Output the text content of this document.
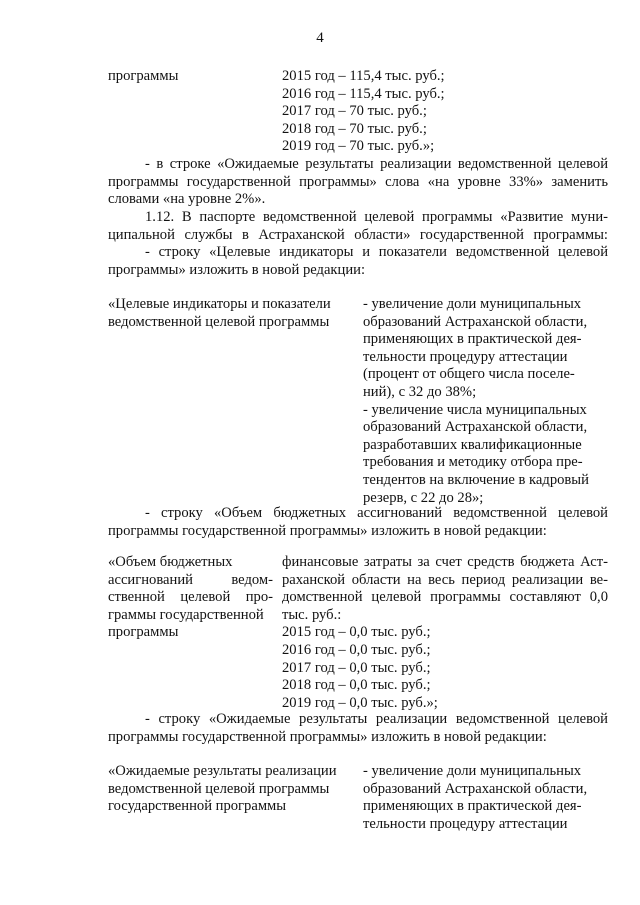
4
программы	2015 год – 115,4 тыс. руб.;
2016 год – 115,4 тыс. руб.;
2017 год – 70 тыс. руб.;
2018 год – 70 тыс. руб.;
2019 год – 70 тыс. руб.»;
- в строке «Ожидаемые результаты реализации ведомственной целевой
программы государственной программы» слова «на уровне 33%» заменить
словами «на уровне 2%».
1.12. В паспорте ведомственной целевой программы «Развитие муни-
ципальной службы в Астраханской области» государственной программы:
- строку «Целевые индикаторы и показатели ведомственной целевой
программы» изложить в новой редакции:
«Целевые индикаторы и показатели
ведомственной целевой программы
- увеличение доли муниципальных
образований Астраханской области,
применяющих в практической дея-
тельности процедуру аттестации
(процент от общего числа поселе-
ний), с 32 до 38%;
- увеличение числа муниципальных
образований Астраханской области,
разработавших квалификационные
требования и методику отбора пре-
тендентов на включение в кадровый
резерв, с 22 до 28»;
- строку «Объем бюджетных ассигнований ведомственной целевой
программы государственной программы» изложить в новой редакции:
«Объем бюджетных
ассигнований ведом-
ственной целевой про-
граммы государственной
программы
финансовые затраты за счет средств бюджета Аст-
раханской области на весь период реализации ве-
домственной целевой программы составляют 0,0
тыс. руб.:
2015 год – 0,0 тыс. руб.;
2016 год – 0,0 тыс. руб.;
2017 год – 0,0 тыс. руб.;
2018 год – 0,0 тыс. руб.;
2019 год – 0,0 тыс. руб.»;
- строку «Ожидаемые результаты реализации ведомственной целевой
программы государственной программы» изложить в новой редакции:
«Ожидаемые результаты реализации
ведомственной целевой программы
государственной программы
- увеличение доли муниципальных
образований Астраханской области,
применяющих в практической дея-
тельности процедуру аттестации
